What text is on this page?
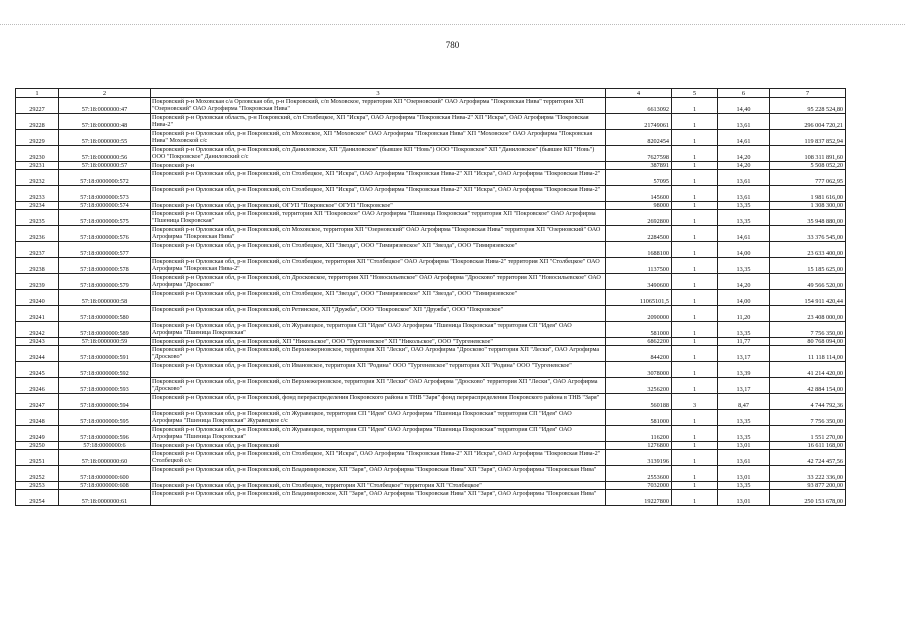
780
1	2	3	4	5	6	7
29227	57:18:0000000:47	Покровский р-н Моховская с/а Орловская обл, р-н Покровский, с/п Моховское, территория ХП "Озерновский" ОАО Агрофирма "Покровская Нива" территория ХП "Озерновский" ОАО Агрофирма "Покровская Нива"	6613092	1	14,40	95 228 524,80
29228	57:18:0000000:48	Покровский р-н Орловская область, р-н Покровский, с/п Столбецкое, ХП "Искра", ОАО Агрофирма "Покровская Нива-2" ХП "Искра", ОАО Агрофирма "Покровская Нива-2"	21749061	1	13,61	296 004 720,21
29229	57:18:0000000:55	Покровский р-н Орловская обл, р-н Покровский, с/п Моховское, ХП "Моховское" ОАО Агрофирма "Покровская Нива" ХП "Моховское" ОАО Агрофирма "Покровская Нива" Моховской с/с	8202454	1	14,61	119 837 852,94
29230	57:18:0000000:56	Покровский р-н Орловская обл, р-н Покровский, с/п Даниловское, ХП "Даниловское" (бывшее КП "Новь") ООО "Покровское" ХП "Даниловское" (бывшее КП "Новь") ООО "Покровское" Даниловский с/с	7627598	1	14,20	108 311 891,60
29231	57:18:0000000:57	Покровский р-н	387891	1	14,20	5 508 052,20
29232	57:18:0000000:572	Покровский р-н Орловская обл, р-н Покровский, с/п Столбецкое, ХП "Искра", ОАО Агрофирма "Покровская Нива-2" ХП "Искра", ОАО Агрофирма "Покровская Нива-2"	57095	1	13,61	777 062,95
29233	57:18:0000000:573	Покровский р-н Орловская обл, р-н Покровский, с/п Столбецкое, ХП "Искра", ОАО Агрофирма "Покровская Нива-2" ХП "Искра", ОАО Агрофирма "Покровская Нива-2"	145600	1	13,61	1 981 616,00
29234	57:18:0000000:574	Покровский р-н Орловская обл, р-н Покровский, ОГУП "Покровское" ОГУП "Покровское"	98000	1	13,35	1 308 300,00
29235	57:18:0000000:575	Покровский р-н Орловская обл, р-н Покровский, территория ХП "Покровское" ОАО Агрофирма "Пшеница Покровская" территория ХП "Покровское" ОАО Агрофирма "Пшеница Покровская"	2692800	1	13,35	35 948 880,00
29236	57:18:0000000:576	Покровский р-н Орловская обл, р-н Покровский, с/п Моховское, территория ХП "Озерновский" ОАО Агрофирма "Покровская Нива" территория ХП "Озерновский" ОАО Агрофирма "Покровская Нива"	2284500	1	14,61	33 376 545,00
29237	57:18:0000000:577	Покровский р-н Орловская обл, р-н Покровский, с/п Столбецкое, ХП "Звезда", ООО "Тимирязевское" ХП "Звезда", ООО "Тимирязевское"	1688100	1	14,00	23 633 400,00
29238	57:18:0000000:578	Покровский р-н Орловская обл, р-н Покровский, с/п Столбецкое, территория ХП "Столбецкое" ОАО Агрофирма "Покровская Нива-2" территория ХП "Столбецкое" ОАО Агрофирма "Покровская Нива-2"	1137500	1	13,35	15 185 625,00
29239	57:18:0000000:579	Покровский р-н Орловская обл, р-н Покровский, с/п Дросковское, территория ХП "Новосильевское" ОАО Агрофирма "Дросково" территория ХП "Новосильевское" ОАО Агрофирма "Дросково"	3490600	1	14,20	49 566 520,00
29240	57:18:0000000:58	Покровский р-н Орловская обл, р-н Покровский, с/п Столбецкое, ХП "Звезда", ООО "Тимирязевское" ХП "Звезда", ООО "Тимирязевское"	11065101,5	1	14,00	154 911 420,44
29241	57:18:0000000:580	Покровский р-н Орловская обл, р-н Покровский, с/п Ретинское, ХП "Дружба", ООО "Покровское" ХП "Дружба", ООО "Покровское"	2090000	1	11,20	23 408 000,00
29242	57:18:0000000:589	Покровский р-н Орловская обл, р-н Покровский, с/п Журавецкое, территория СП "Идея" ОАО Агрофирма "Пшеница Покровская" территория СП "Идея" ОАО Агрофирма "Пшеница Покровская"	581000	1	13,35	7 756 350,00
29243	57:18:0000000:59	Покровский р-н Орловская обл, р-н Покровский, ХП "Никольское", ООО "Тургеневское" ХП "Никольское", ООО "Тургеневское"	6862200	1	11,77	80 768 094,00
29244	57:18:0000000:591	Покровский р-н Орловская обл, р-н Покровский, с/п Верхнежерновское, территория ХП "Лески", ОАО Агрофирма "Дросково" территория ХП "Лески", ОАО Агрофирма "Дросково"	844200	1	13,17	11 118 114,00
29245	57:18:0000000:592	Покровский р-н Орловская обл, р-н Покровский, с/п Ивановское, территория ХП "Родина" ООО "Тургеневское" территория ХП "Родина" ООО "Тургеневское"	3078000	1	13,39	41 214 420,00
29246	57:18:0000000:593	Покровский р-н Орловская обл, р-н Покровский, с/п Верхнежерновское, территория ХП "Лески" ОАО Агрофирма "Дросково" территория ХП "Лески", ОАО Агрофирма "Дросково"	3256200	1	13,17	42 884 154,00
29247	57:18:0000000:594	Покровский р-н Орловская обл, р-н Покровский, фонд перераспределения Покровского района в ТНВ "Заря" фонд перераспределения Покровского района в ТНВ "Заря"	560188	3	8,47	4 744 792,36
29248	57:18:0000000:595	Покровский р-н Орловская обл, р-н Покровский, с/п Журавецкое, территория СП "Идея" ОАО Агрофирма "Пшеница Покровская" территория СП "Идея" ОАО Агрофирма "Пшеница Покровская" Журавецкое с/с	581000	1	13,35	7 756 350,00
29249	57:18:0000000:596	Покровский р-н Орловская обл, р-н Покровский, с/п Журавецкое, территория СП "Идея" ОАО Агрофирма "Пшеница Покровская" территория СП "Идея" ОАО Агрофирма "Пшеница Покровская"	116200	1	13,35	1 551 270,00
29250	57:18:0000000:6	Покровский р-н Орловская обл, р-н Покровский	1276800	1	13,01	16 611 168,00
29251	57:18:0000000:60	Покровский р-н Орловская обл, р-н Покровский, с/п Столбецкое, ХП "Искра", ОАО Агрофирма "Покровская Нива-2" ХП "Искра", ОАО Агрофирма "Покровская Нива-2" Столбецкой с/с	3139196	1	13,61	42 724 457,56
29252	57:18:0000000:600	Покровский р-н Орловская обл, р-н Покровский, с/п Владимировское, ХП "Заря", ОАО Агрофирма "Покровская Нива" ХП "Заря", ОАО Агрофирмы "Покровская Нива"	2553600	1	13,01	33 222 336,00
29253	57:18:0000000:608	Покровский р-н Орловская обл, р-н Покровский, с/п Столбецкое, территория ХП "Столбецкое" территория ХП "Столбецкое"	7032000	1	13,35	93 877 200,00
29254	57:18:0000000:61	Покровский р-н Орловская обл, р-н Покровский, с/п Владимировское, ХП "Заря", ОАО Агрофирма "Покровская Нива" ХП "Заря", ОАО Агрофирмы "Покровская Нива"	19227800	1	13,01	250 153 678,00
